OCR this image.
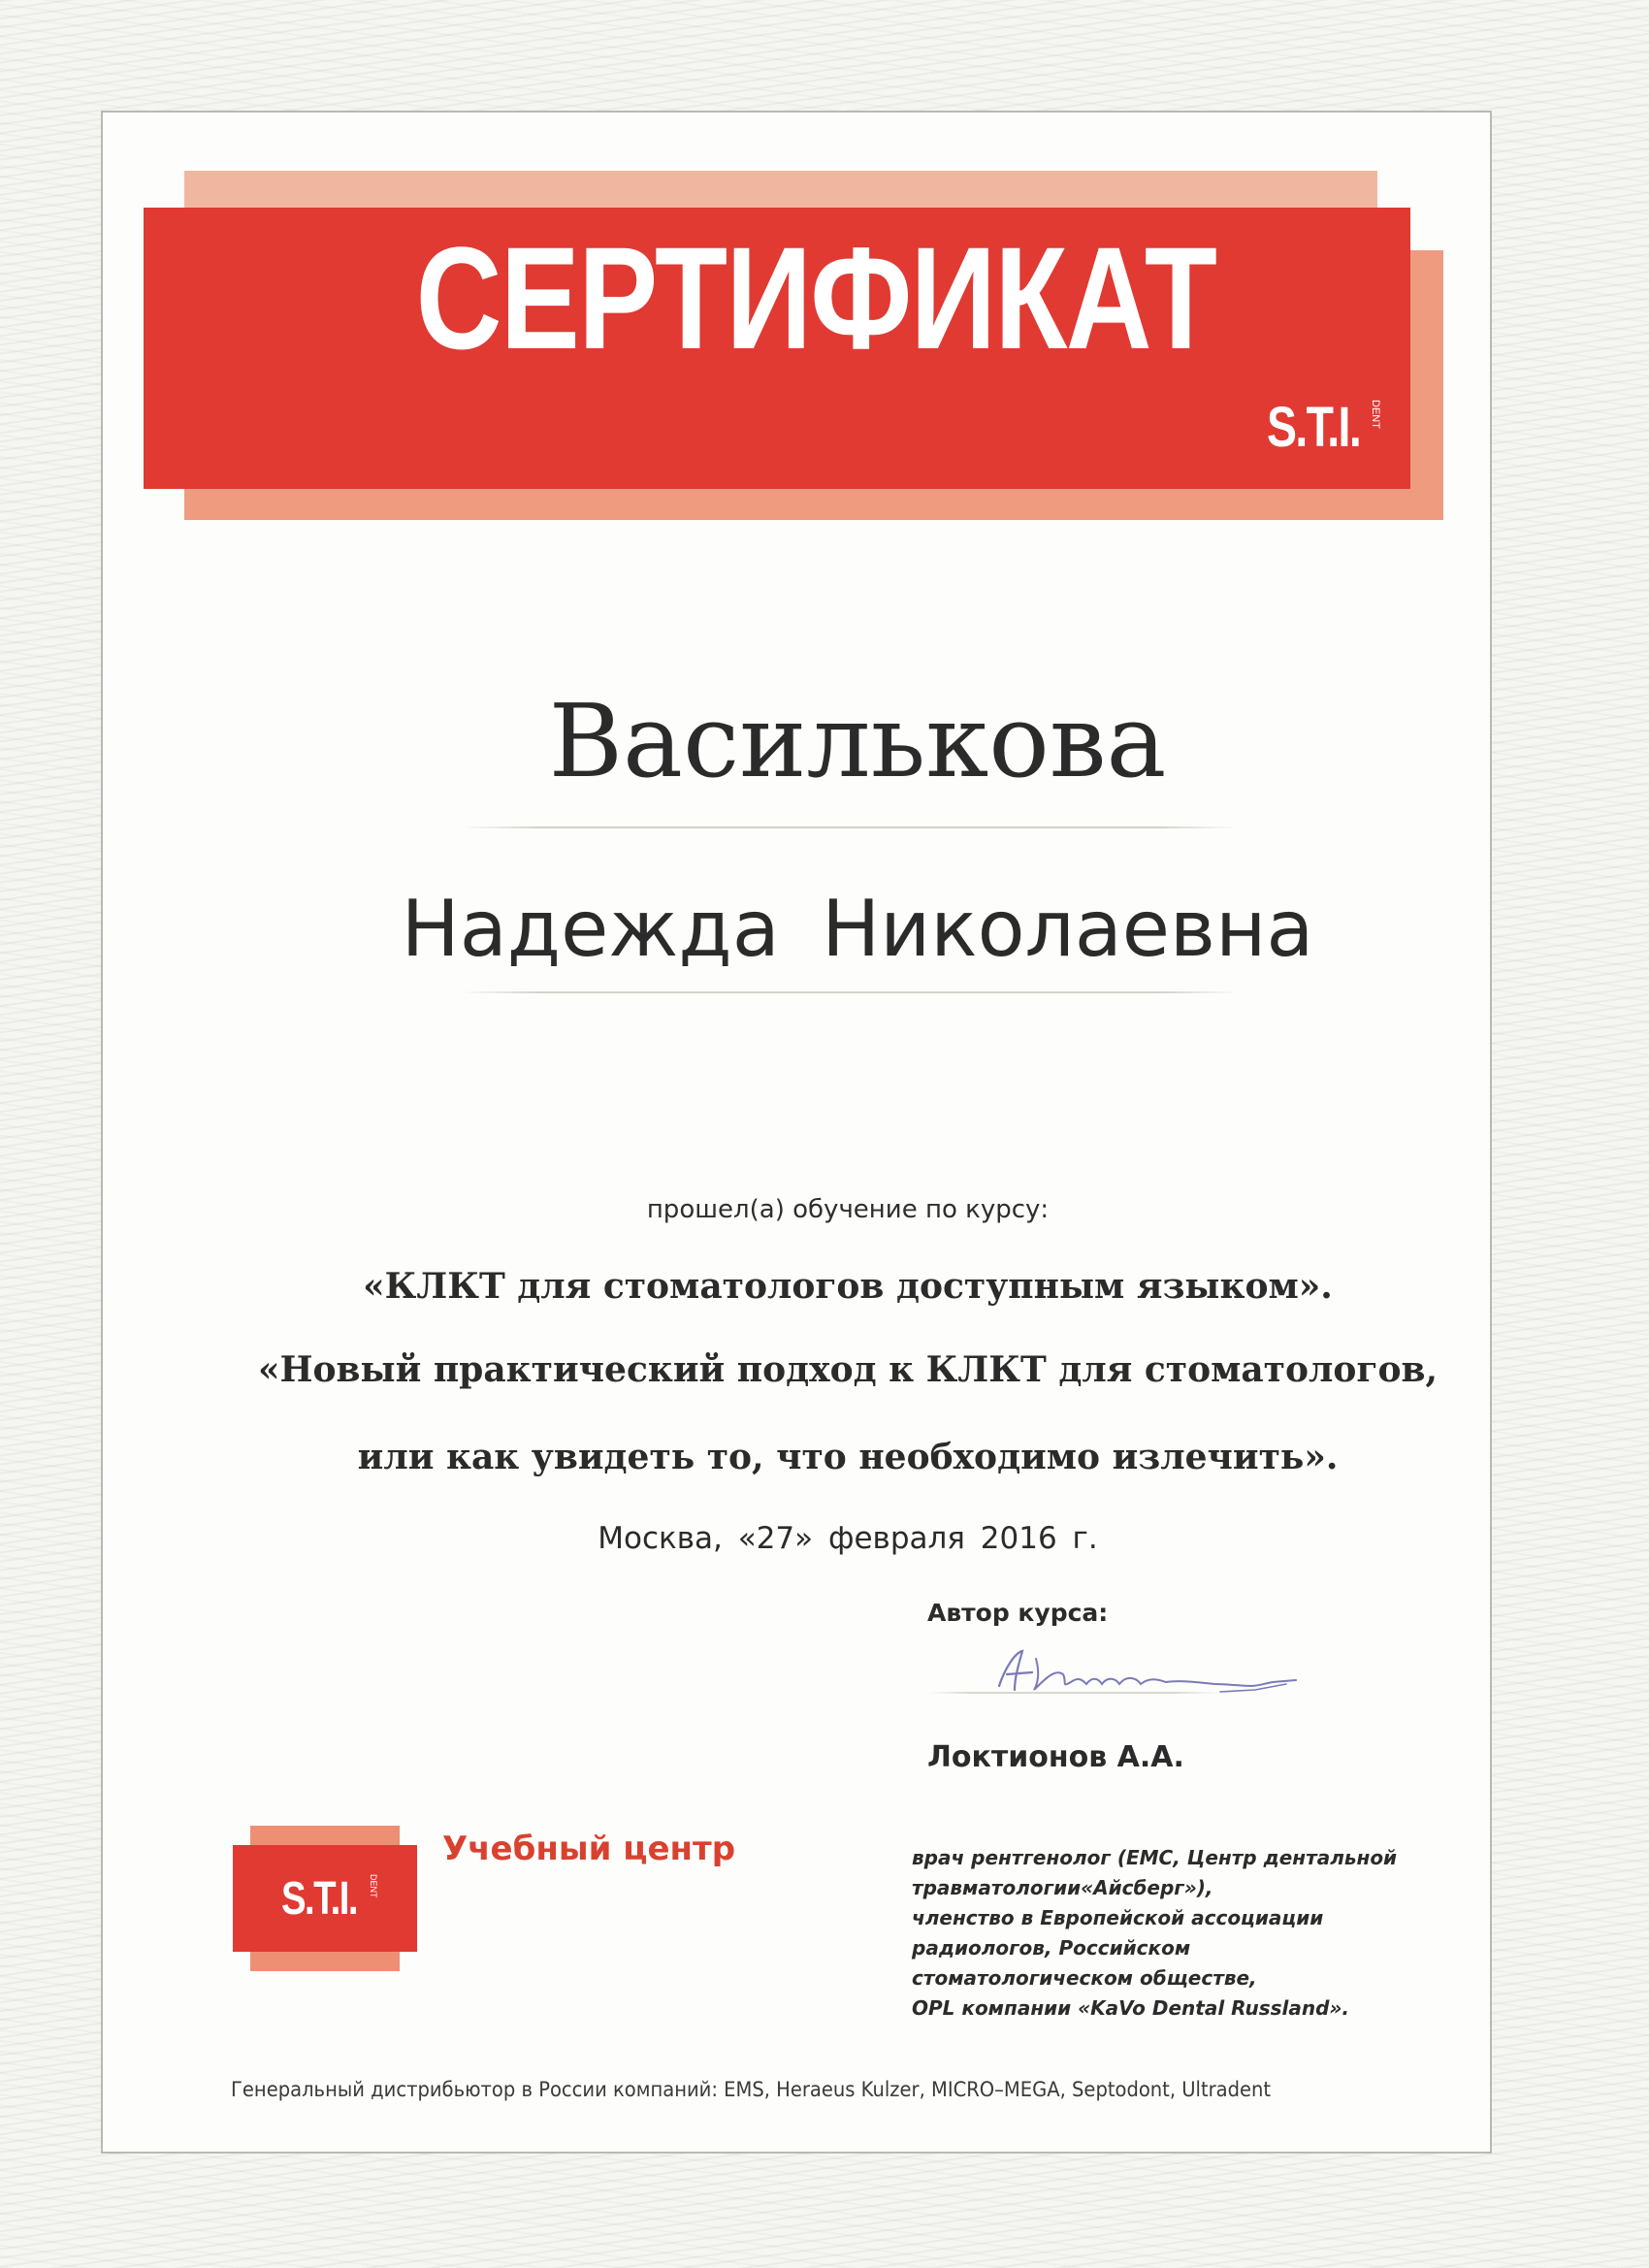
СЕРТИФИКАТ
S.T.I. DENT
Василькова
Надежда Николаевна
прошел(а) обучение по курсу:
«КЛКТ для стоматологов доступным языком».
«Новый практический подход к КЛКТ для стоматологов,
или как увидеть то, что необходимо излечить».
Москва, «27» февраля 2016 г.
Автор курса:
Локтионов А.А.
S.T.I. DENT
Учебный центр	врач рентгенолог (EMC, Центр дентальной
травматологии«Айсберг»),
членство в Европейской ассоциации
радиологов, Российском
стоматологическом обществе,
OPL компании «KaVo Dental Russland».
Генеральный дистрибьютор в России компаний: EMS, Heraeus Kulzer, MICRO–MEGA, Septodont, Ultradent
